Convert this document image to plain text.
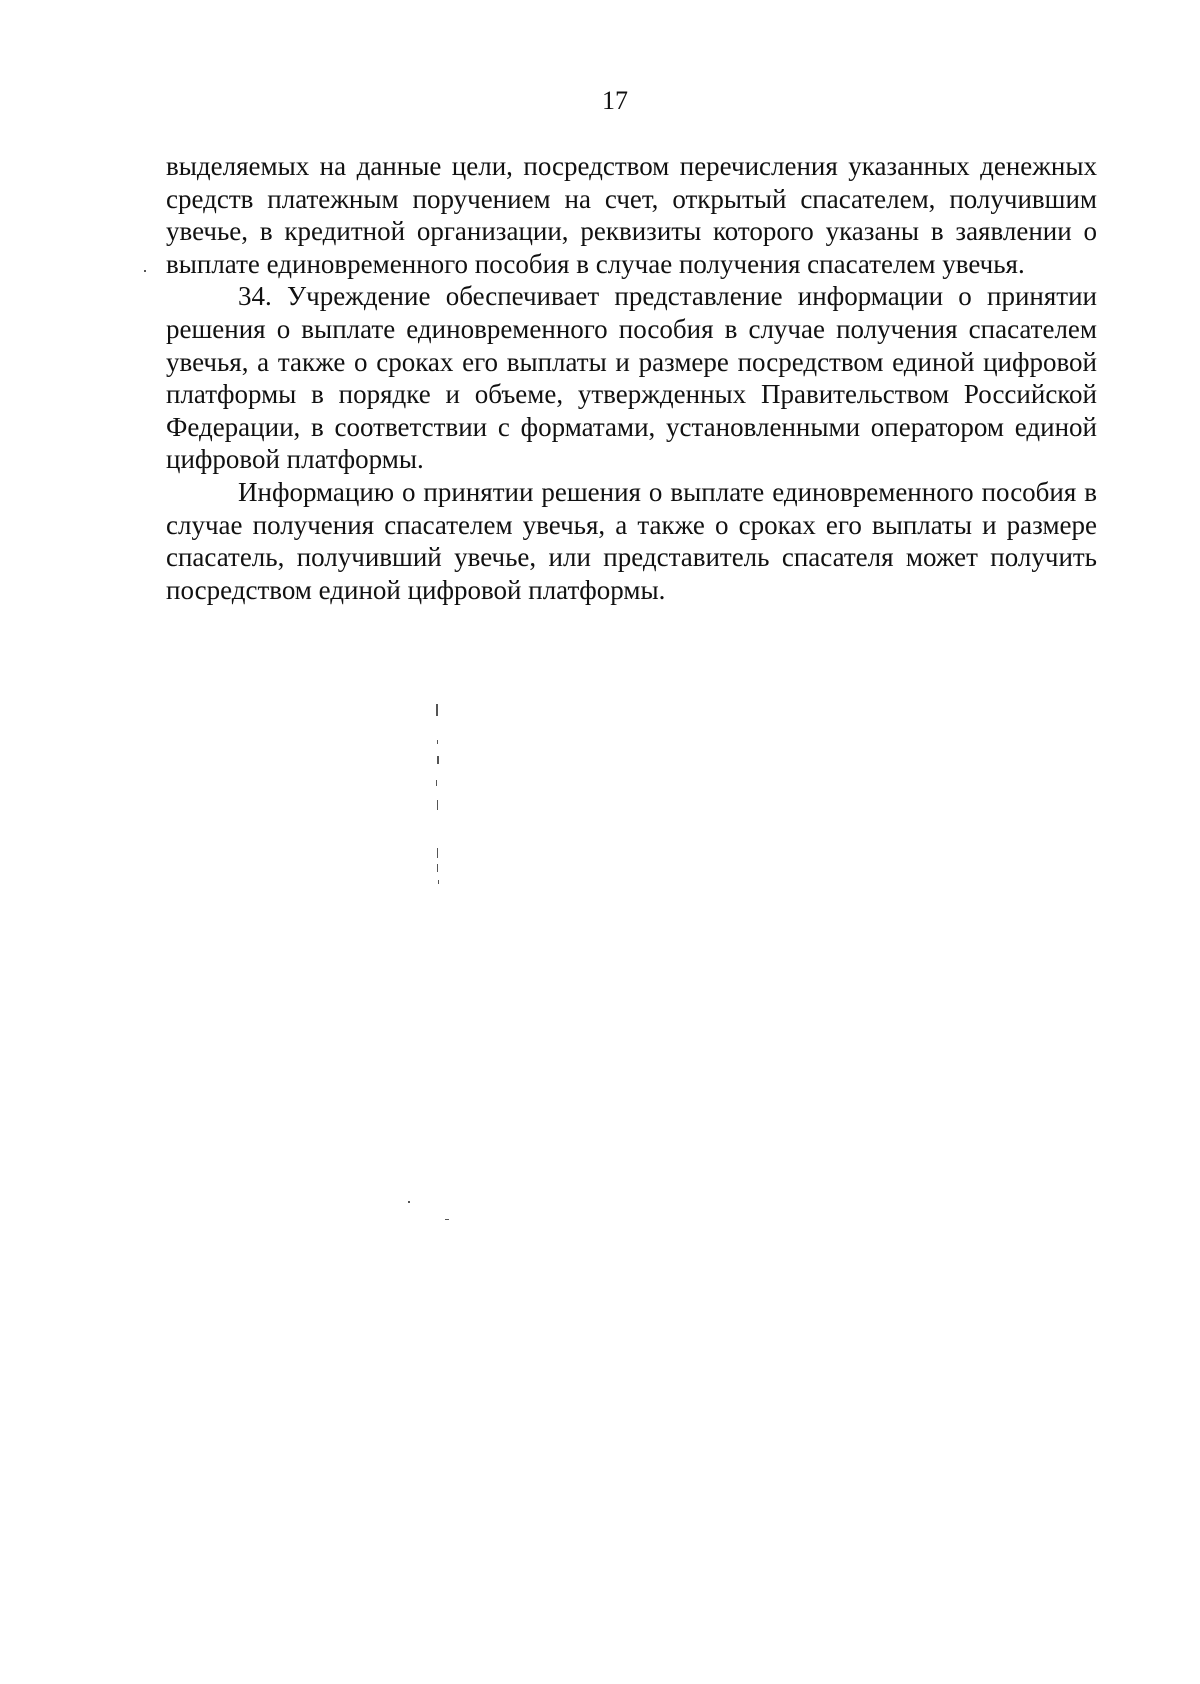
17

выделяемых на данные цели, посредством перечисления указанных денежных средств платежным поручением на счет, открытый спасателем, получившим увечье, в кредитной организации, реквизиты которого указаны в заявлении о выплате единовременного пособия в случае получения спасателем увечья.

34. Учреждение обеспечивает представление информации о принятии решения о выплате единовременного пособия в случае получения спасателем увечья, а также о сроках его выплаты и размере посредством единой цифровой платформы в порядке и объеме, утвержденных Правительством Российской Федерации, в соответствии с форматами, установленными оператором единой цифровой платформы.

Информацию о принятии решения о выплате единовременного пособия в случае получения спасателем увечья, а также о сроках его выплаты и размере спасатель, получивший увечье, или представитель спасателя может получить посредством единой цифровой платформы.
